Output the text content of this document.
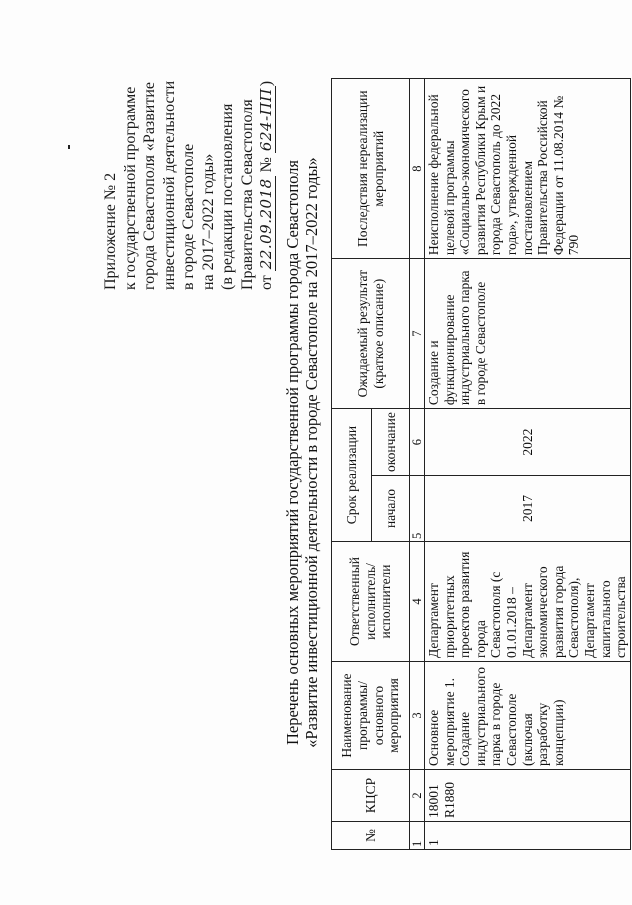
Приложение № 2 к государственной программе города Севастополя «Развитие инвестиционной деятельности в городе Севастополе на 2017–2022 годы» (в редакции постановления Правительства Севастополя от 22.09.2018 № 624-ПП)
Перечень основных мероприятий государственной программы города Севастополя «Развитие инвестиционной деятельности в городе Севастополе на 2017–2022 годы»
№	КЦСР	Наименование программы/ основного мероприятия	Ответственный исполнитель/ исполнители	Срок реализации		Ожидаемый результат (краткое описание)	Последствия нереализации мероприятий
				начало	окончание		
1	2	3	4	5	6	7	8
1	18001 R1880	Основное мероприятие 1. Создание индустриального парка в городе Севастополе (включая разработку концепции)	Департамент приоритетных проектов развития города Севастополя (с 01.01.2018 – Департамент экономического развития города Севастополя), Департамент капитального строительства	2017	2022	Создание и функционирование индустриального парка в городе Севастополе	Неисполнение федеральной целевой программы «Социально-экономического развития Республики Крым и города Севастополь до 2022 года», утвержденной постановлением Правительства Российской Федерации от 11.08.2014 № 790
